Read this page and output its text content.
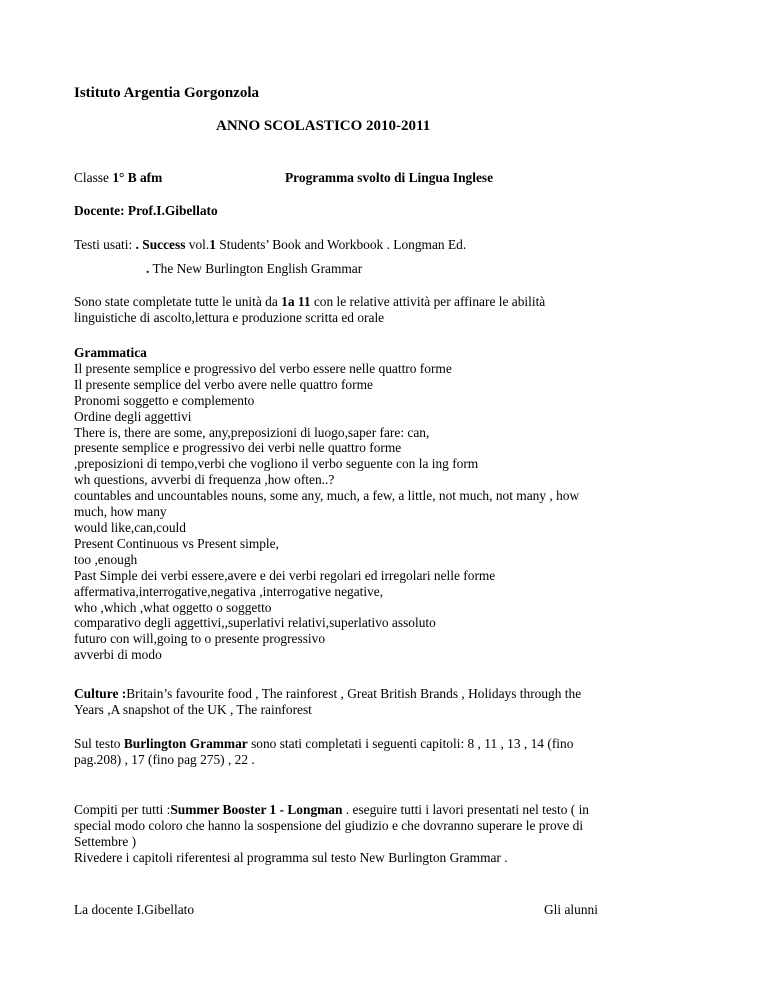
Istituto Argentia Gorgonzola
ANNO SCOLASTICO 2010-2011
Classe 1° B afm	Programma svolto di Lingua Inglese
Docente: Prof.I.Gibellato
Testi usati: . Success vol.1 Students’ Book and Workbook . Longman Ed.
. The New Burlington English Grammar
Sono state completate tutte le unità da 1a 11 con le relative attività per affinare le abilità
linguistiche di ascolto,lettura e produzione scritta ed orale
Grammatica
Il presente semplice e progressivo del verbo essere nelle quattro forme
Il presente semplice del verbo avere nelle quattro forme
Pronomi soggetto e complemento
Ordine degli aggettivi
There is, there are some, any,preposizioni di luogo,saper fare: can,
presente semplice e progressivo dei verbi nelle quattro forme
,preposizioni di tempo,verbi che vogliono il verbo seguente con la ing form
wh questions, avverbi di frequenza ,how often..?
countables and uncountables nouns, some any, much, a few, a little, not much, not many , how
much, how many
would like,can,could
Present Continuous vs Present simple,
too ,enough
Past Simple dei verbi essere,avere e dei verbi regolari ed irregolari nelle forme
affermativa,interrogative,negativa ,interrogative negative,
who ,which ,what oggetto o soggetto
comparativo degli aggettivi,,superlativi relativi,superlativo assoluto
futuro con will,going to o presente progressivo
avverbi di modo
Culture :Britain’s favourite food , The rainforest , Great British Brands , Holidays through the
Years ,A snapshot of the UK , The rainforest
Sul testo Burlington Grammar sono stati completati i seguenti capitoli: 8 , 11 , 13 , 14 (fino
pag.208) , 17 (fino pag 275) , 22 .
Compiti per tutti :Summer Booster 1 - Longman . eseguire tutti i lavori presentati nel testo ( in
special modo coloro che hanno la sospensione del giudizio e che dovranno superare le prove di
Settembre )
Rivedere i capitoli riferentesi al programma sul testo New Burlington Grammar .
La docente I.Gibellato	Gli alunni
